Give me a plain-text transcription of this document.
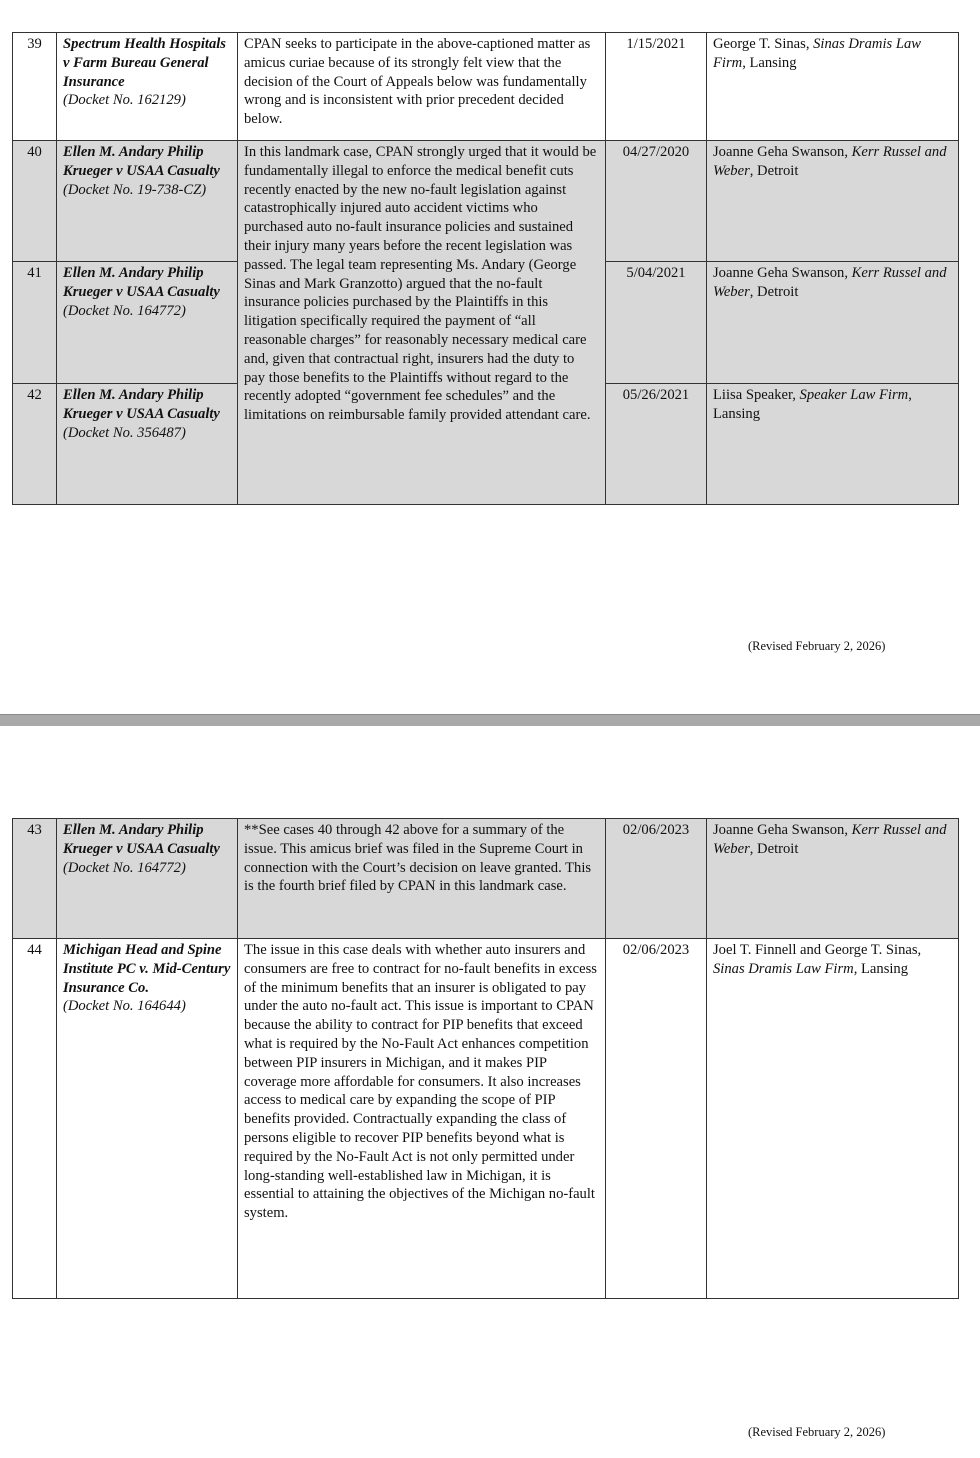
39	Spectrum Health Hospitals v Farm Bureau General Insurance
(Docket No. 162129)	CPAN seeks to participate in the above-captioned matter as amicus curiae because of its strongly felt view that the decision of the Court of Appeals below was fundamentally wrong and is inconsistent with prior precedent decided below.	1/15/2021	George T. Sinas, Sinas Dramis Law Firm, Lansing

40	Ellen M. Andary Philip Krueger v USAA Casualty
(Docket No. 19-738-CZ)	In this landmark case, CPAN strongly urged that it would be fundamentally illegal to enforce the medical benefit cuts recently enacted by the new no-fault legislation against catastrophically injured auto accident victims who purchased auto no-fault insurance policies and sustained their injury many years before the recent legislation was passed. The legal team representing Ms. Andary (George Sinas and Mark Granzotto) argued that the no-fault insurance policies purchased by the Plaintiffs in this litigation specifically required the payment of “all reasonable charges” for reasonably necessary medical care and, given that contractual right, insurers had the duty to pay those benefits to the Plaintiffs without regard to the recently adopted “government fee schedules” and the limitations on reimbursable family provided attendant care.	04/27/2020	Joanne Geha Swanson, Kerr Russel and Weber, Detroit

41	Ellen M. Andary Philip Krueger v USAA Casualty
(Docket No. 164772)		5/04/2021	Joanne Geha Swanson, Kerr Russel and Weber, Detroit

42	Ellen M. Andary Philip Krueger v USAA Casualty
(Docket No. 356487)		05/26/2021	Liisa Speaker, Speaker Law Firm, Lansing
(Revised February 2, 2026)
43	Ellen M. Andary Philip Krueger v USAA Casualty
(Docket No. 164772)	**See cases 40 through 42 above for a summary of the issue. This amicus brief was filed in the Supreme Court in connection with the Court’s decision on leave granted. This is the fourth brief filed by CPAN in this landmark case.	02/06/2023	Joanne Geha Swanson, Kerr Russel and Weber, Detroit

44	Michigan Head and Spine Institute PC v. Mid-Century Insurance Co.
(Docket No. 164644)	The issue in this case deals with whether auto insurers and consumers are free to contract for no-fault benefits in excess of the minimum benefits that an insurer is obligated to pay under the auto no-fault act. This issue is important to CPAN because the ability to contract for PIP benefits that exceed what is required by the No-Fault Act enhances competition between PIP insurers in Michigan, and it makes PIP coverage more affordable for consumers. It also increases access to medical care by expanding the scope of PIP benefits provided. Contractually expanding the class of persons eligible to recover PIP benefits beyond what is required by the No-Fault Act is not only permitted under long-standing well-established law in Michigan, it is essential to attaining the objectives of the Michigan no-fault system.	02/06/2023	Joel T. Finnell and George T. Sinas, Sinas Dramis Law Firm, Lansing
(Revised February 2, 2026)
